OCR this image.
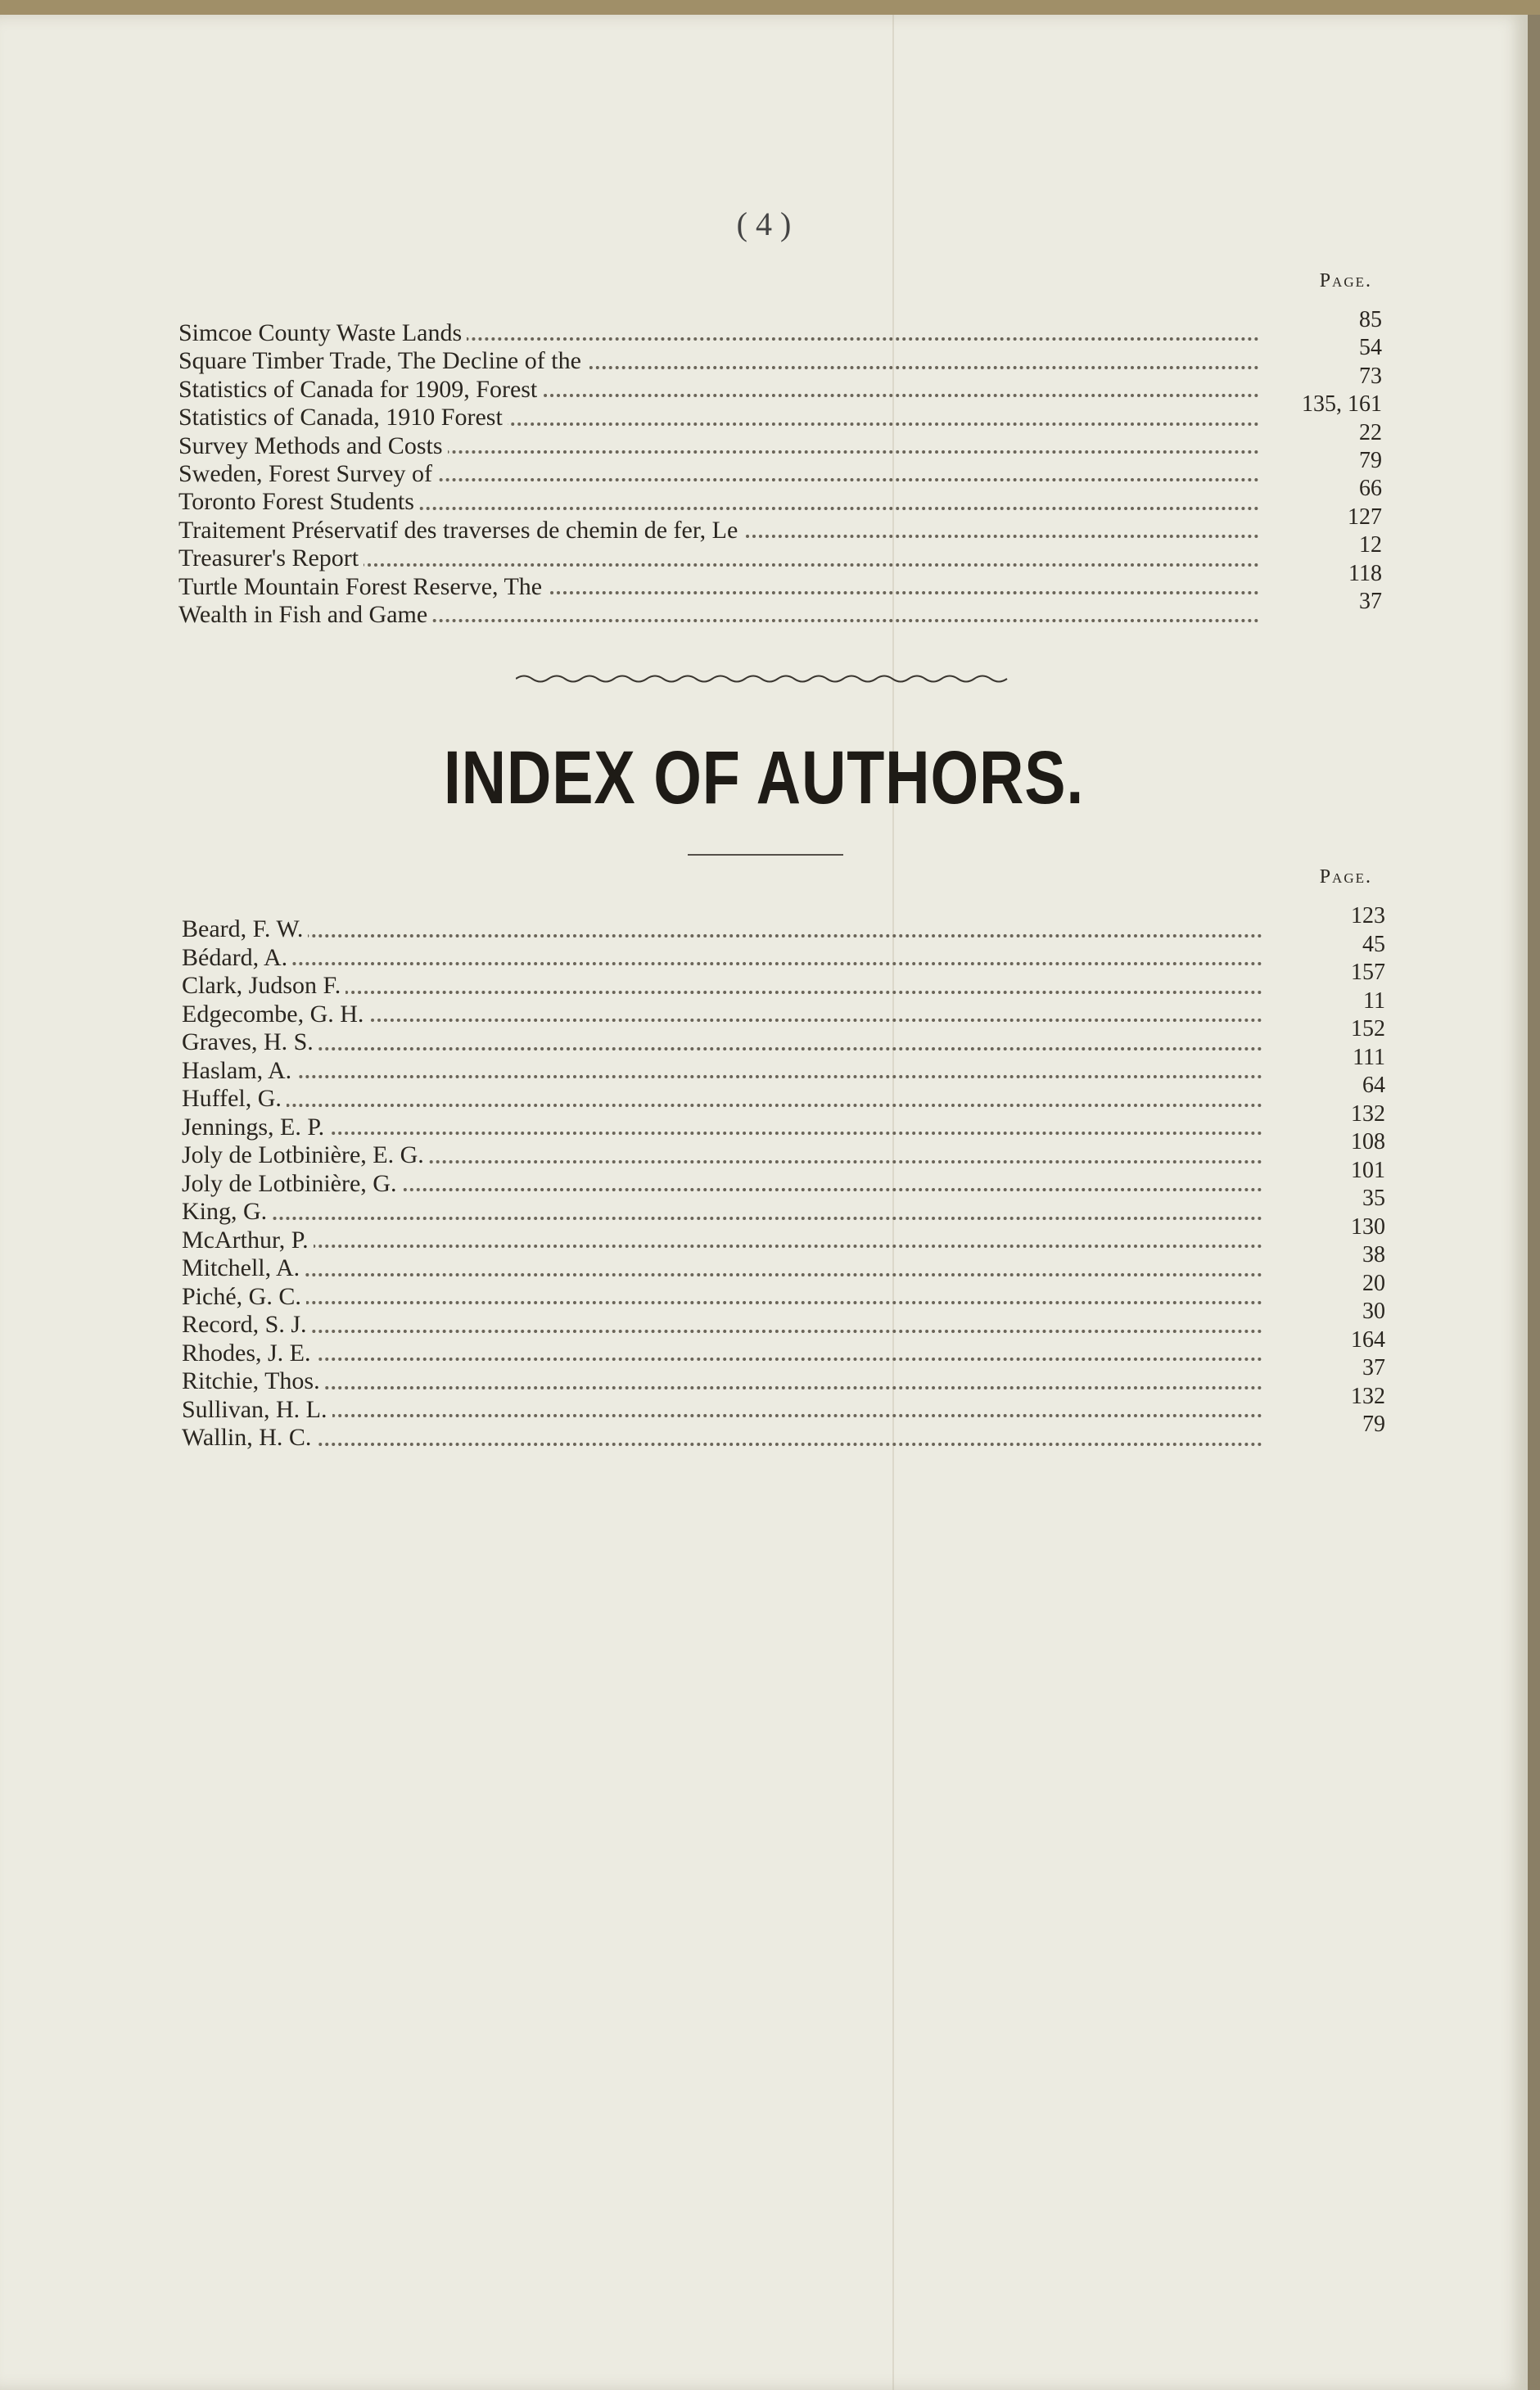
( 4 )
Page.
Simcoe County Waste Lands	85
Square Timber Trade, The Decline of the	54
Statistics of Canada for 1909, Forest	73
Statistics of Canada, 1910 Forest	135, 161
Survey Methods and Costs	22
Sweden, Forest Survey of	79
Toronto Forest Students	66
Traitement Préservatif des traverses de chemin de fer, Le	127
Treasurer's Report	12
Turtle Mountain Forest Reserve, The	118
Wealth in Fish and Game	37
INDEX OF AUTHORS.
Page.
Beard, F. W.	123
Bédard, A.	45
Clark, Judson F.	157
Edgecombe, G. H.	11
Graves, H. S.	152
Haslam, A.	111
Huffel, G.	64
Jennings, E. P.	132
Joly de Lotbinière, E. G.	108
Joly de Lotbinière, G.	101
King, G.	35
McArthur, P.	130
Mitchell, A.	38
Piché, G. C.	20
Record, S. J.	30
Rhodes, J. E.	164
Ritchie, Thos.	37
Sullivan, H. L.	132
Wallin, H. C.	79
